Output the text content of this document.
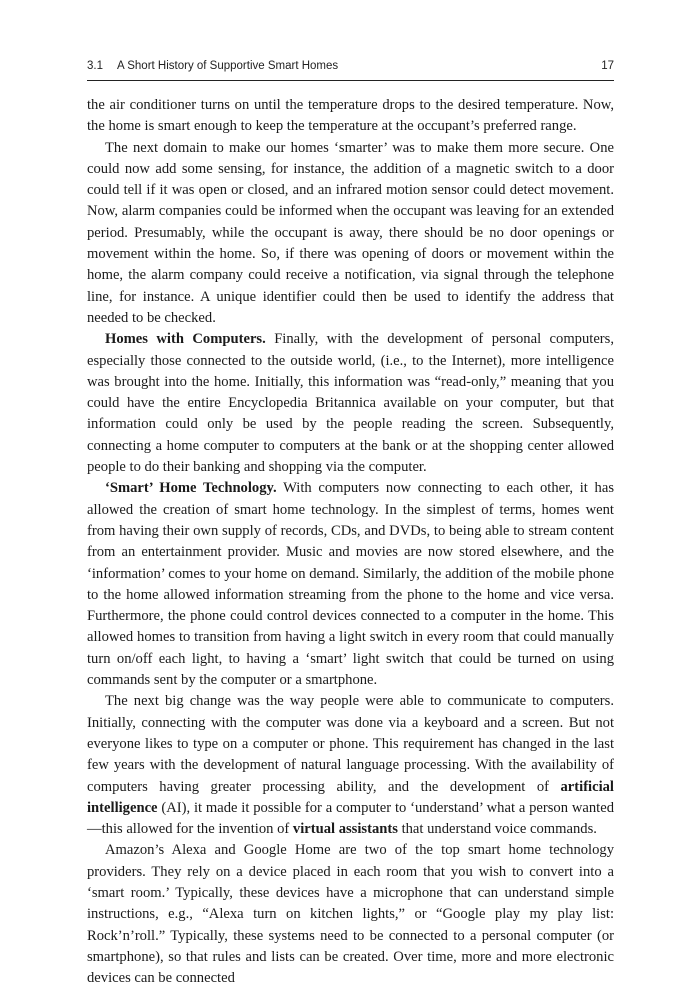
3.1 A Short History of Supportive Smart Homes	17

the air conditioner turns on until the temperature drops to the desired temperature. Now, the home is smart enough to keep the temperature at the occupant’s preferred range.

The next domain to make our homes ‘smarter’ was to make them more secure. One could now add some sensing, for instance, the addition of a magnetic switch to a door could tell if it was open or closed, and an infrared motion sensor could detect movement. Now, alarm companies could be informed when the occupant was leaving for an extended period. Presumably, while the occupant is away, there should be no door openings or movement within the home. So, if there was opening of doors or movement within the home, the alarm company could receive a notification, via signal through the telephone line, for instance. A unique identifier could then be used to identify the address that needed to be checked.

Homes with Computers. Finally, with the development of personal computers, especially those connected to the outside world, (i.e., to the Internet), more intelligence was brought into the home. Initially, this information was “read-only,” meaning that you could have the entire Encyclopedia Britannica available on your computer, but that information could only be used by the people reading the screen. Subsequently, connecting a home computer to computers at the bank or at the shopping center allowed people to do their banking and shopping via the computer.

‘Smart’ Home Technology. With computers now connecting to each other, it has allowed the creation of smart home technology. In the simplest of terms, homes went from having their own supply of records, CDs, and DVDs, to being able to stream content from an entertainment provider. Music and movies are now stored elsewhere, and the ‘information’ comes to your home on demand. Similarly, the addition of the mobile phone to the home allowed information streaming from the phone to the home and vice versa. Furthermore, the phone could control devices connected to a computer in the home. This allowed homes to transition from having a light switch in every room that could manually turn on/off each light, to having a ‘smart’ light switch that could be turned on using commands sent by the computer or a smartphone.

The next big change was the way people were able to communicate to computers. Initially, connecting with the computer was done via a keyboard and a screen. But not everyone likes to type on a computer or phone. This requirement has changed in the last few years with the development of natural language processing. With the availability of computers having greater processing ability, and the development of artificial intelligence (AI), it made it possible for a computer to ‘understand’ what a person wanted—this allowed for the invention of virtual assistants that understand voice commands.

Amazon’s Alexa and Google Home are two of the top smart home technology providers. They rely on a device placed in each room that you wish to convert into a ‘smart room.’ Typically, these devices have a microphone that can understand simple instructions, e.g., “Alexa turn on kitchen lights,” or “Google play my play list: Rock’n’roll.” Typically, these systems need to be connected to a personal computer (or smartphone), so that rules and lists can be created. Over time, more and more electronic devices can be connected
